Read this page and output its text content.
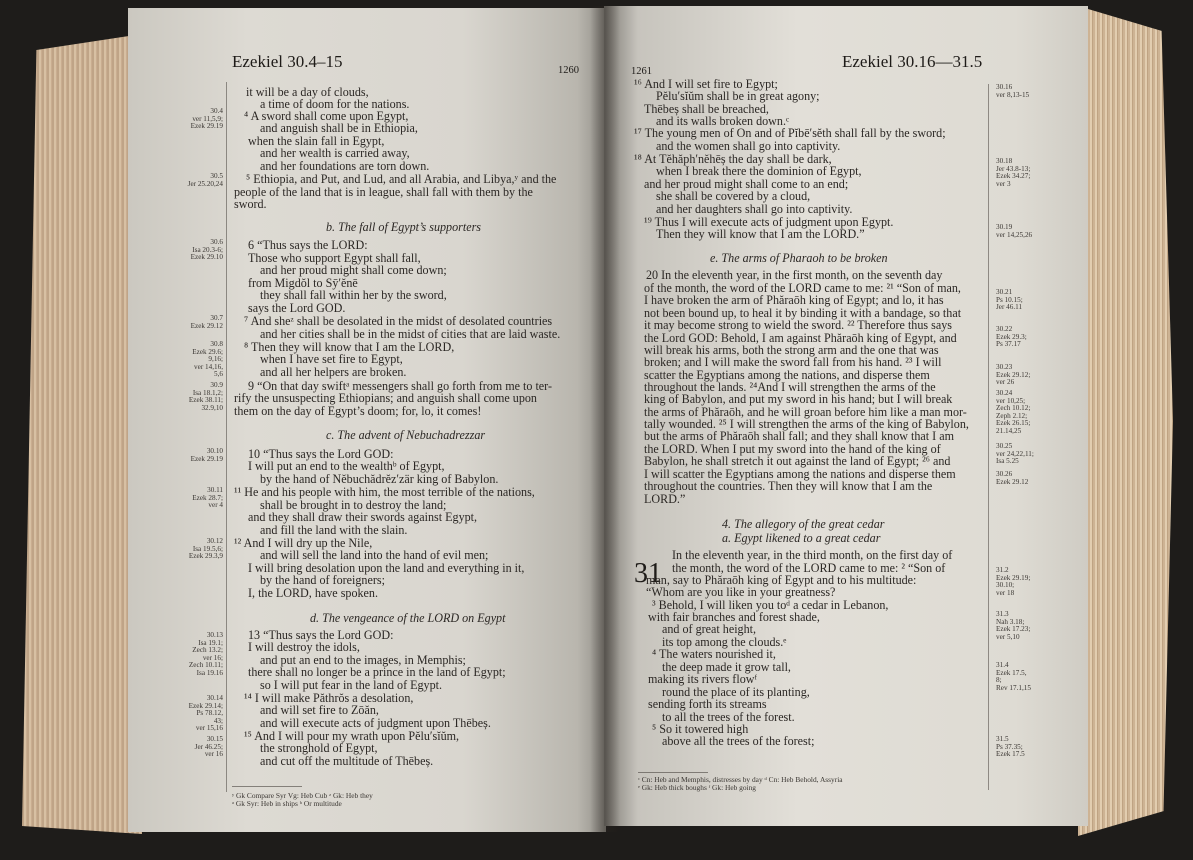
Ezekiel 30.4–15	1260
it will be a day of clouds,
a time of doom for the nations.
⁴ A sword shall come upon Egypt,
and anguish shall be in Ethiopia,
when the slain fall in Egypt,
and her wealth is carried away,
and her foundations are torn down.
⁵ Ethiopia, and Put, and Lud, and all Arabia, and Libya,ʸ and the
people of the land that is in league, shall fall with them by the
sword.
b. The fall of Egypt’s supporters
6 “Thus says the LORD:
Those who support Egypt shall fall,
and her proud might shall come down;
from Migdŏl to Sȳ′ĕnē
they shall fall within her by the sword,
says the Lord GOD.
⁷ And sheᶻ shall be desolated in the midst of desolated countries
and her cities shall be in the midst of cities that are laid waste.
⁸ Then they will know that I am the LORD,
when I have set fire to Egypt,
and all her helpers are broken.
9 “On that day swiftᵃ messengers shall go forth from me to ter-
rify the unsuspecting Ethiopians; and anguish shall come upon
them on the day of Egypt’s doom; for, lo, it comes!
c. The advent of Nebuchadrezzar
10 “Thus says the Lord GOD:
I will put an end to the wealthᵇ of Egypt,
by the hand of Nĕbuchădrĕz′zär king of Babylon.
¹¹ He and his people with him, the most terrible of the nations,
shall be brought in to destroy the land;
and they shall draw their swords against Egypt,
and fill the land with the slain.
¹² And I will dry up the Nile,
and will sell the land into the hand of evil men;
I will bring desolation upon the land and everything in it,
by the hand of foreigners;
I, the LORD, have spoken.
d. The vengeance of the LORD on Egypt
13 “Thus says the Lord GOD:
I will destroy the idols,
and put an end to the images, in Memphis;
there shall no longer be a prince in the land of Egypt;
so I will put fear in the land of Egypt.
¹⁴ I will make Păthrŏs a desolation,
and will set fire to Zōăn,
and will execute acts of judgment upon Thēbeș.
¹⁵ And I will pour my wrath upon Pĕlu′sĭŭm,
the stronghold of Egypt,
and cut off the multitude of Thēbeș.
30.4
ver 11,5,9;
Ezek 29.19
30.5
Jer 25.20,24
30.6
Isa 20.3-6;
Ezek 29.10
30.7
Ezek 29.12
30.8
Ezek 29.6;
9,16;
ver 14,16,
5,6
30.9
Isa 18.1,2;
Ezek 38.11;
32.9,10
30.10
Ezek 29.19
30.11
Ezek 28.7;
ver 4
30.12
Isa 19.5,6;
Ezek 29.3,9
30.13
Isa 19.1;
Zech 13.2;
ver 16;
Zech 10.11;
Isa 19.16
30.14
Ezek 29.14;
Ps 78.12,
43;
ver 15,16
30.15
Jer 46.25;
ver 16
ʸ Gk Compare Syr Vg: Heb Cub ᶻ Gk: Heb they
ᵃ Gk Syr: Heb in ships ᵇ Or multitude
1261
Ezekiel 30.16—31.5
31
¹⁶ And I will set fire to Egypt;
Pĕlu′sĭŭm shall be in great agony;
Thēbeș shall be breached,
and its walls broken down.ᶜ
¹⁷ The young men of On and of Pĭbē′sĕth shall fall by the sword;
and the women shall go into captivity.
¹⁸ At Tĕhăph′nĕhēș the day shall be dark,
when I break there the dominion of Egypt,
and her proud might shall come to an end;
she shall be covered by a cloud,
and her daughters shall go into captivity.
¹⁹ Thus I will execute acts of judgment upon Egypt.
Then they will know that I am the LORD.”
e. The arms of Pharaoh to be broken
20 In the eleventh year, in the first month, on the seventh day
of the month, the word of the LORD came to me: ²¹ “Son of man,
I have broken the arm of Phăraōh king of Egypt; and lo, it has
not been bound up, to heal it by binding it with a bandage, so that
it may become strong to wield the sword. ²² Therefore thus says
the Lord GOD: Behold, I am against Phăraōh king of Egypt, and
will break his arms, both the strong arm and the one that was
broken; and I will make the sword fall from his hand. ²³ I will
scatter the Egyptians among the nations, and disperse them
throughout the lands. ²⁴And I will strengthen the arms of the
king of Babylon, and put my sword in his hand; but I will break
the arms of Phăraōh, and he will groan before him like a man mor-
tally wounded. ²⁵ I will strengthen the arms of the king of Babylon,
but the arms of Phăraōh shall fall; and they shall know that I am
the LORD. When I put my sword into the hand of the king of
Babylon, he shall stretch it out against the land of Egypt; ²⁶ and
I will scatter the Egyptians among the nations and disperse them
throughout the countries. Then they will know that I am the
LORD.”
4. The allegory of the great cedar
a. Egypt likened to a great cedar
In the eleventh year, in the third month, on the first day of
the month, the word of the LORD came to me: ² “Son of
man, say to Phăraōh king of Egypt and to his multitude:
“Whom are you like in your greatness?
³ Behold, I will liken you toᵈ a cedar in Lebanon,
with fair branches and forest shade,
and of great height,
its top among the clouds.ᵉ
⁴ The waters nourished it,
the deep made it grow tall,
making its rivers flowᶠ
round the place of its planting,
sending forth its streams
to all the trees of the forest.
⁵ So it towered high
above all the trees of the forest;
30.16
ver 8,13-15
30.18
Jer 43.8-13;
Ezek 34.27;
ver 3
30.19
ver 14,25,26
30.21
Ps 10.15;
Jer 46.11
30.22
Ezek 29.3;
Ps 37.17
30.23
Ezek 29.12;
ver 26
30.24
ver 10,25;
Zech 10.12;
Zeph 2.12;
Ezek 26.15;
21.14,25
30.25
ver 24,22,11;
Isa 5.25
30.26
Ezek 29.12
31.2
Ezek 29.19;
30.10;
ver 18
31.3
Nah 3.18;
Ezek 17.23;
ver 5,10
31.4
Ezek 17.5,
8;
Rev 17.1,15
31.5
Ps 37.35;
Ezek 17.5
ᶜ Cn: Heb and Memphis, distresses by day ᵈ Cn: Heb Behold, Assyria
ᵉ Gk: Heb thick boughs ᶠ Gk: Heb going
